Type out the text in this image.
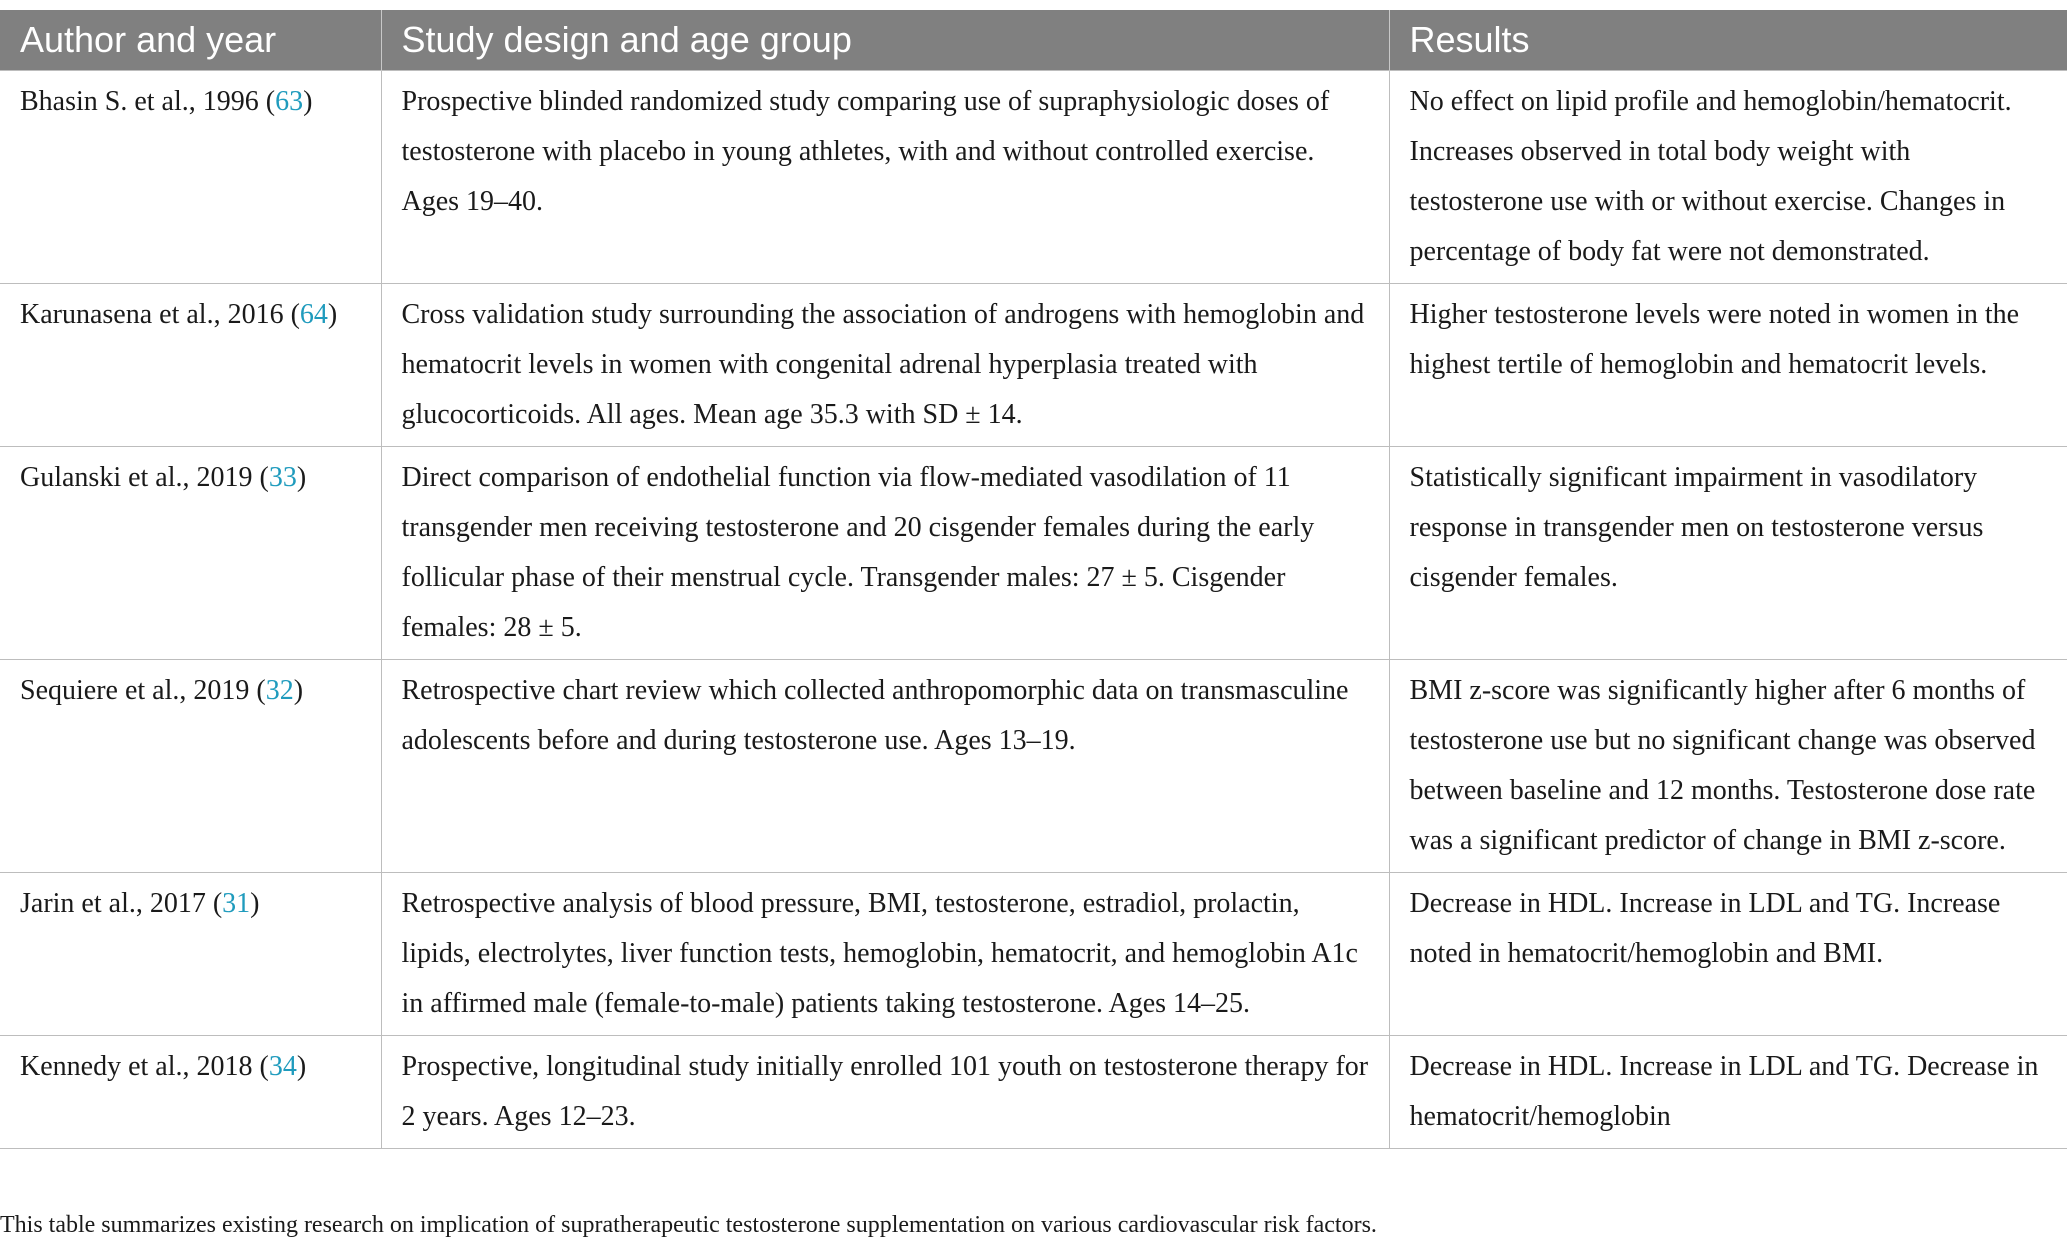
Author and year	Study design and age group	Results
Bhasin S. et al., 1996 (63)	Prospective blinded randomized study comparing use of supraphysiologic doses of testosterone with placebo in young athletes, with and without controlled exercise. Ages 19–40.	No effect on lipid profile and hemoglobin/hematocrit. Increases observed in total body weight with testosterone use with or without exercise. Changes in percentage of body fat were not demonstrated.
Karunasena et al., 2016 (64)	Cross validation study surrounding the association of androgens with hemoglobin and hematocrit levels in women with congenital adrenal hyperplasia treated with glucocorticoids. All ages. Mean age 35.3 with SD ± 14.	Higher testosterone levels were noted in women in the highest tertile of hemoglobin and hematocrit levels.
Gulanski et al., 2019 (33)	Direct comparison of endothelial function via flow-mediated vasodilation of 11 transgender men receiving testosterone and 20 cisgender females during the early follicular phase of their menstrual cycle. Transgender males: 27 ± 5. Cisgender females: 28 ± 5.	Statistically significant impairment in vasodilatory response in transgender men on testosterone versus cisgender females.
Sequiere et al., 2019 (32)	Retrospective chart review which collected anthropomorphic data on transmasculine adolescents before and during testosterone use. Ages 13–19.	BMI z-score was significantly higher after 6 months of testosterone use but no significant change was observed between baseline and 12 months. Testosterone dose rate was a significant predictor of change in BMI z-score.
Jarin et al., 2017 (31)	Retrospective analysis of blood pressure, BMI, testosterone, estradiol, prolactin, lipids, electrolytes, liver function tests, hemoglobin, hematocrit, and hemoglobin A1c in affirmed male (female-to-male) patients taking testosterone. Ages 14–25.	Decrease in HDL. Increase in LDL and TG. Increase noted in hematocrit/hemoglobin and BMI.
Kennedy et al., 2018 (34)	Prospective, longitudinal study initially enrolled 101 youth on testosterone therapy for 2 years. Ages 12–23.	Decrease in HDL. Increase in LDL and TG. Decrease in hematocrit/hemoglobin
This table summarizes existing research on implication of supratherapeutic testosterone supplementation on various cardiovascular risk factors.
